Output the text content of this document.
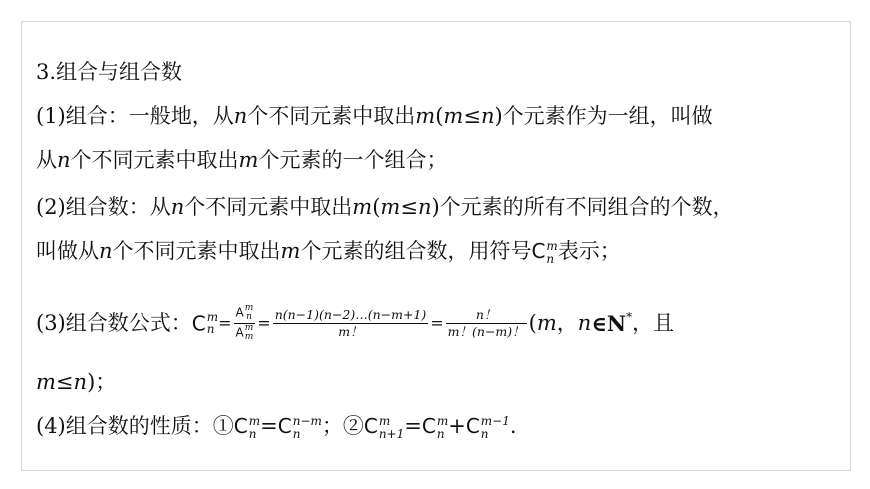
3.组合与组合数
(1)组合：一般地，从n个不同元素中取出m(m≤n)个元素作为一组，叫做
从n个不同元素中取出m个元素的一个组合；
(2)组合数：从n个不同元素中取出m(m≤n)个元素的所有不同组合的个数，
叫做从n个不同元素中取出m个元素的组合数，用符号C m
n 表示；
(3)组合数公式：C m
n = A m
n
A m
$m = \frac{n(n-1)(n-2)\dots(n-m+1)}{m!} = \frac{n!}{m!(n-m)!} (m$，n∈N*，且
m≤n)；
(4)组合数的性质：①C m
n =C n−m
n	；②C m
n+1 =C m
n +C m−1
n	.
